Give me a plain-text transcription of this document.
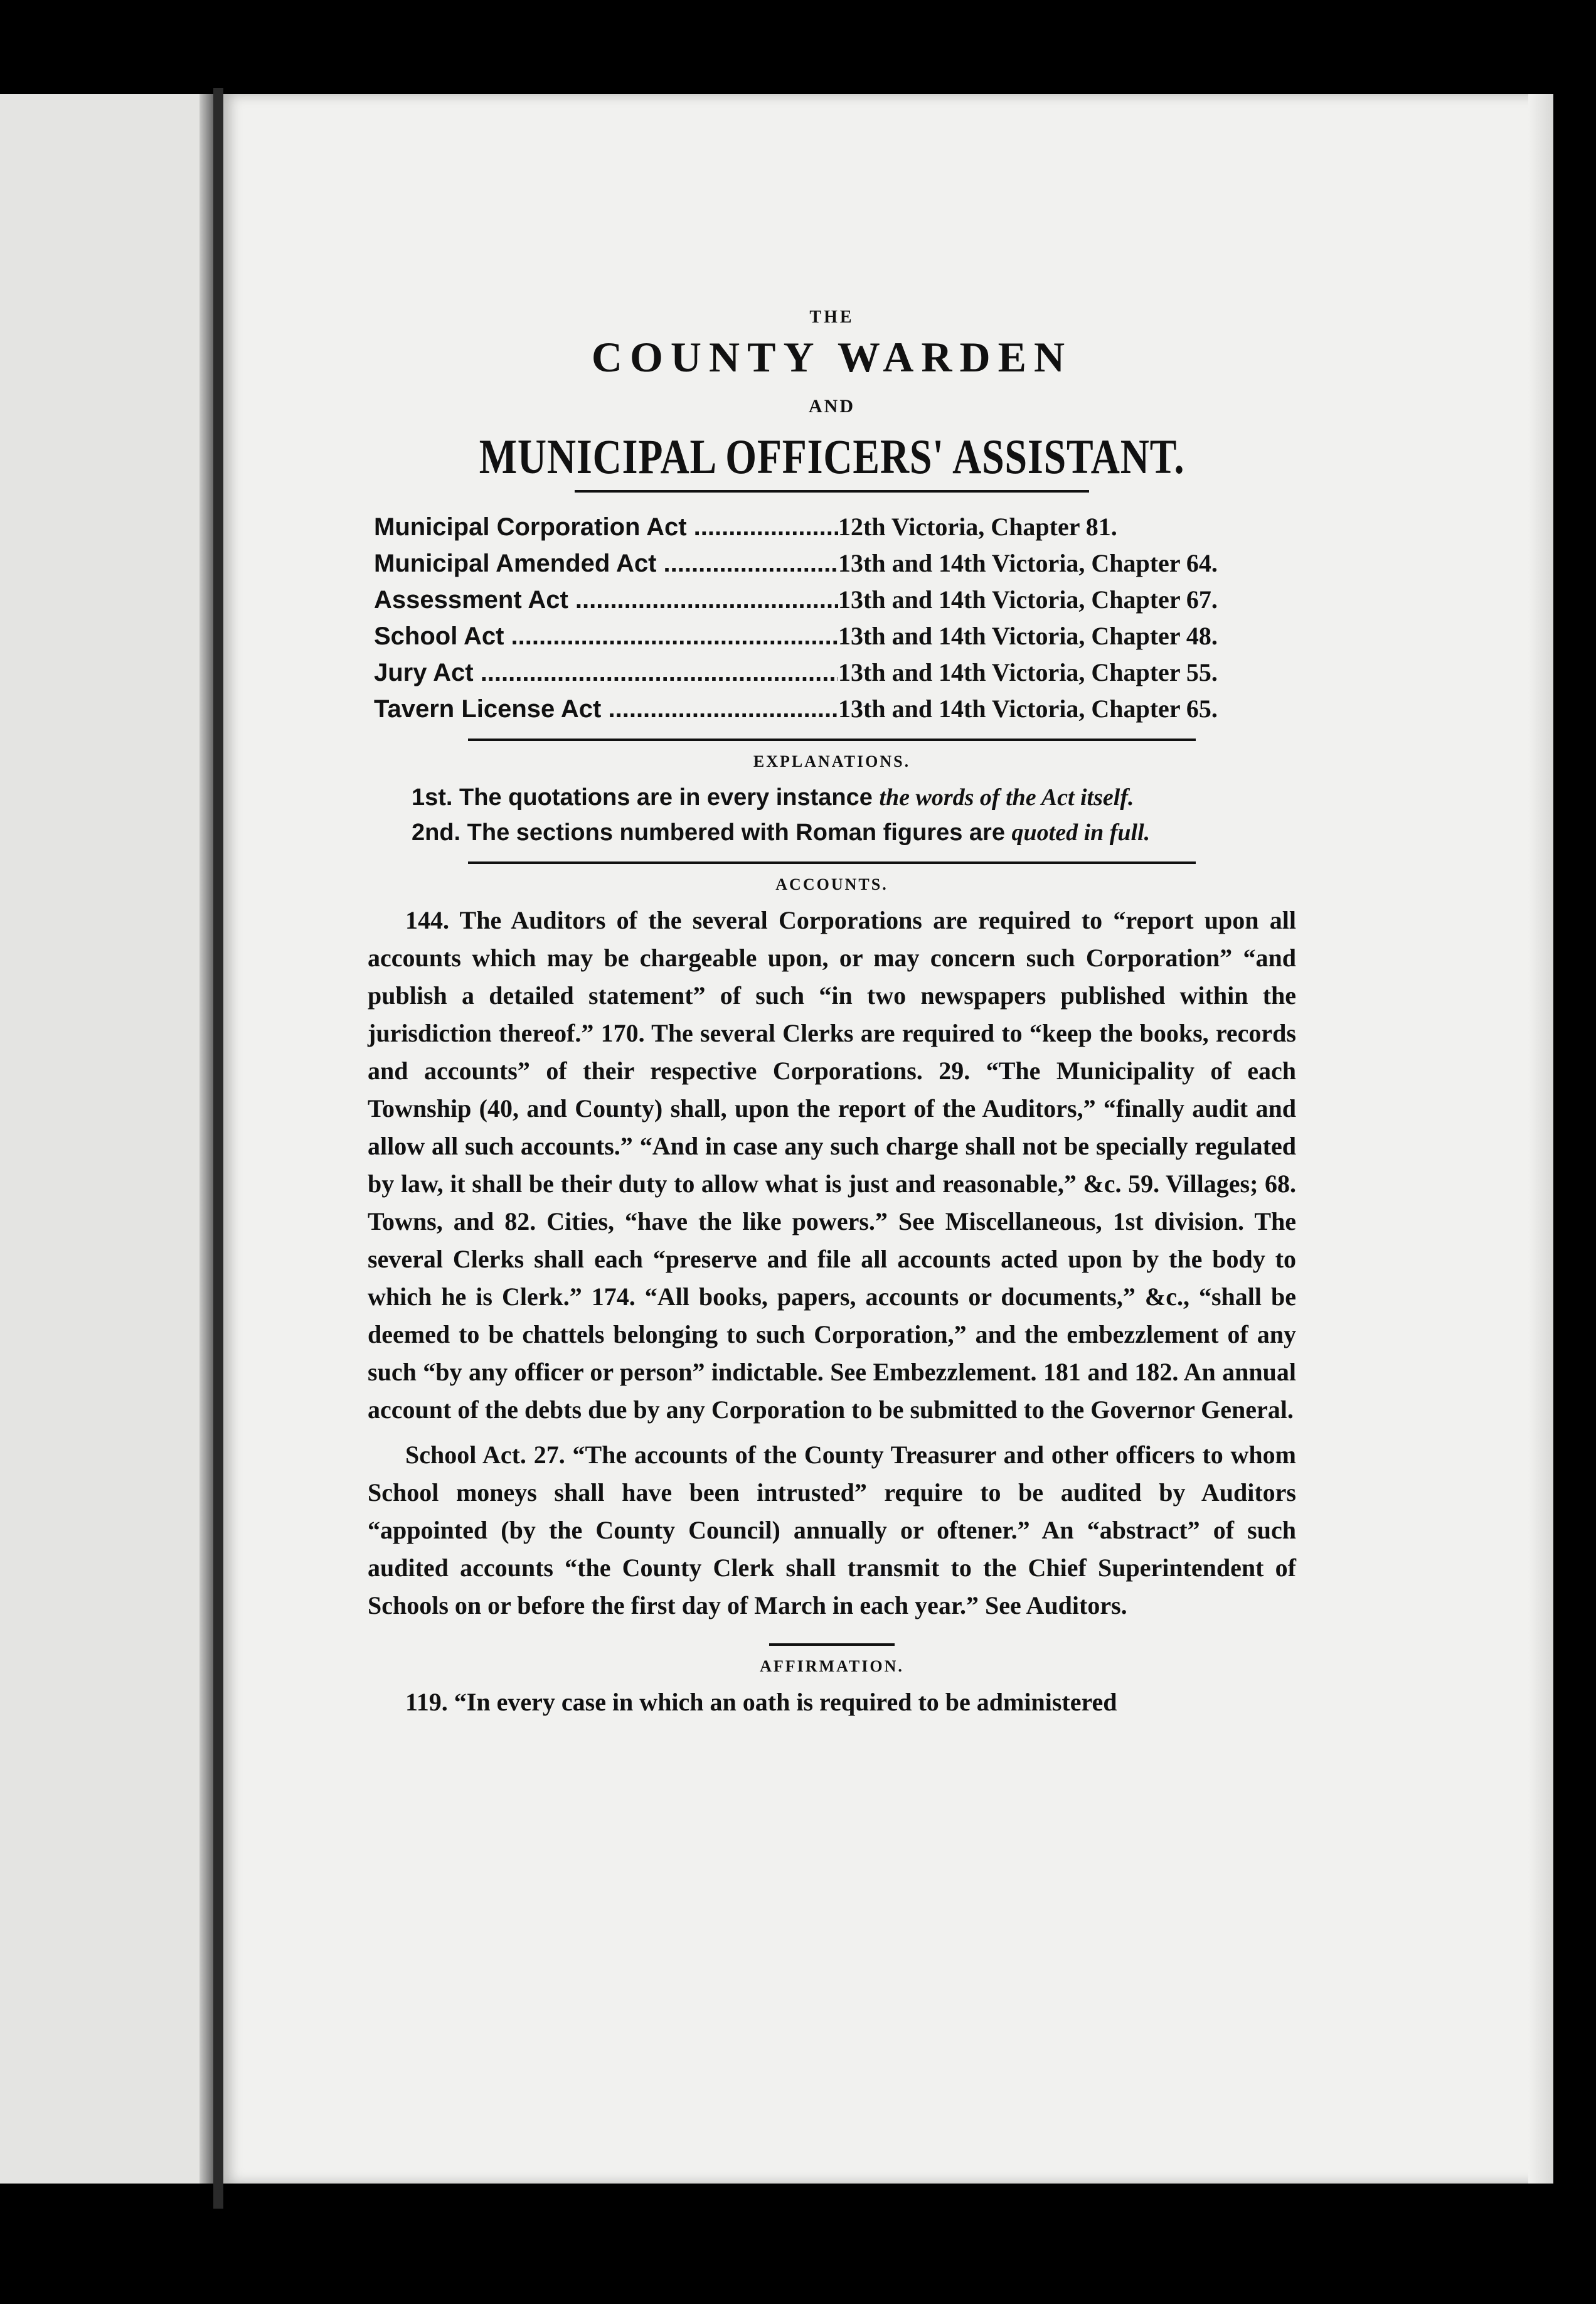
THE
COUNTY WARDEN
AND
MUNICIPAL OFFICERS' ASSISTANT.
Municipal Corporation Act .....	12th Victoria, Chapter 81.
Municipal Amended Act .....	13th and 14th Victoria, Chapter 64.
Assessment Act .....	13th and 14th Victoria, Chapter 67.
School Act .....	13th and 14th Victoria, Chapter 48.
Jury Act .....	13th and 14th Victoria, Chapter 55.
Tavern License Act .....	13th and 14th Victoria, Chapter 65.
EXPLANATIONS.
1st. The quotations are in every instance the words of the Act itself.
2nd. The sections numbered with Roman figures are quoted in full.
ACCOUNTS.

144. The Auditors of the several Corporations are required to “report upon all accounts which may be chargeable upon, or may concern such Corporation” “and publish a detailed statement” of such “in two newspapers published within the jurisdiction thereof.” 170. The several Clerks are required to “keep the books, records and accounts” of their respective Corporations. 29. “The Municipality of each Township (40, and County) shall, upon the report of the Auditors,” “finally audit and allow all such accounts.” “And in case any such charge shall not be specially regulated by law, it shall be their duty to allow what is just and reasonable,” &c. 59. Villages; 68. Towns, and 82. Cities, “have the like powers.” See Miscellaneous, 1st division. The several Clerks shall each “preserve and file all accounts acted upon by the body to which he is Clerk.” 174. “All books, papers, accounts or documents,” &c., “shall be deemed to be chattels belonging to such Corporation,” and the embezzlement of any such “by any officer or person” indictable. See Embezzlement. 181 and 182. An annual account of the debts due by any Corporation to be submitted to the Governor General.

School Act. 27. “The accounts of the County Treasurer and other officers to whom School moneys shall have been intrusted” require to be audited by Auditors “appointed (by the County Council) annually or oftener.” An “abstract” of such audited accounts “the County Clerk shall transmit to the Chief Superintendent of Schools on or before the first day of March in each year.” See Auditors.

AFFIRMATION.

119. “In every case in which an oath is required to be administered
